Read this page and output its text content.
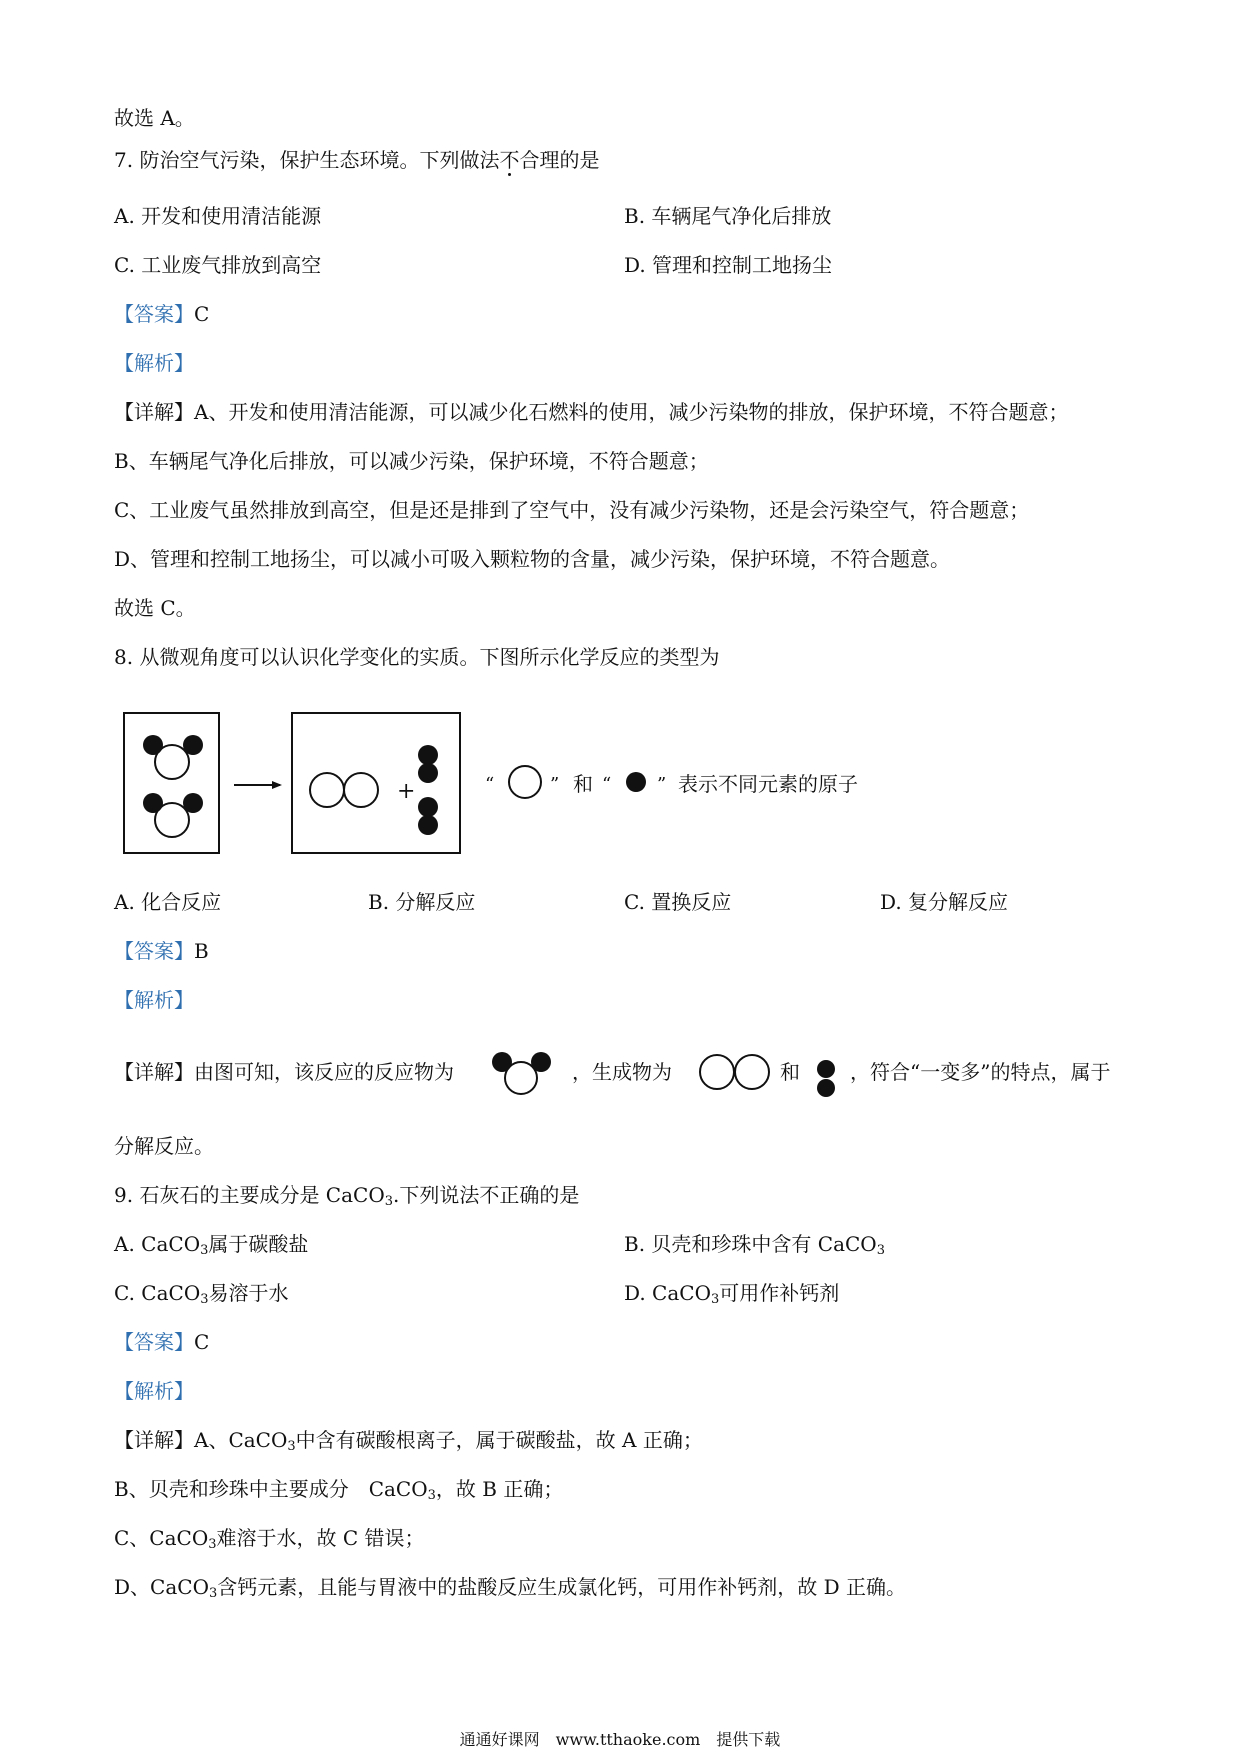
故选 A。
7. 防治空气污染，保护生态环境。下列做法不合理的是
A. 开发和使用清洁能源	B. 车辆尾气净化后排放
C. 工业废气排放到高空	D. 管理和控制工地扬尘
【答案】C
【解析】
【详解】A、开发和使用清洁能源，可以减少化石燃料的使用，减少污染物的排放，保护环境，不符合题意；
B、车辆尾气净化后排放，可以减少污染，保护环境，不符合题意；
C、工业废气虽然排放到高空，但是还是排到了空气中，没有减少污染物，还是会污染空气，符合题意；
D、管理和控制工地扬尘，可以减小可吸入颗粒物的含量，减少污染，保护环境，不符合题意。
故选 C。
8. 从微观角度可以认识化学变化的实质。下图所示化学反应的类型为
+	“	” 和 “	” 表示不同元素的原子
A. 化合反应	B. 分解反应	C. 置换反应	D. 复分解反应
【答案】B
【解析】
【详解】由图可知，该反应的反应物为	，生成物为	和	，符合“一变多”的特点，属于
分解反应。
9. 石灰石的主要成分是 CaCO$_3$.下列说法不正确的是
A. CaCO$_3$属于碳酸盐	B. 贝壳和珍珠中含有 CaCO$_3$
C. CaCO$_3$易溶于水	D. CaCO$_3$可用作补钙剂
【答案】C
【解析】
【详解】A、CaCO$_3$中含有碳酸根离子，属于碳酸盐，故 A 正确；
B、贝壳和珍珠中主要成分　CaCO$_3$，故 B 正确；
C、CaCO$_3$难溶于水，故 C 错误；
D、CaCO$_3$含钙元素，且能与胃液中的盐酸反应生成氯化钙，可用作补钙剂，故 D 正确。
通通好课网　www.tthaoke.com　提供下载
